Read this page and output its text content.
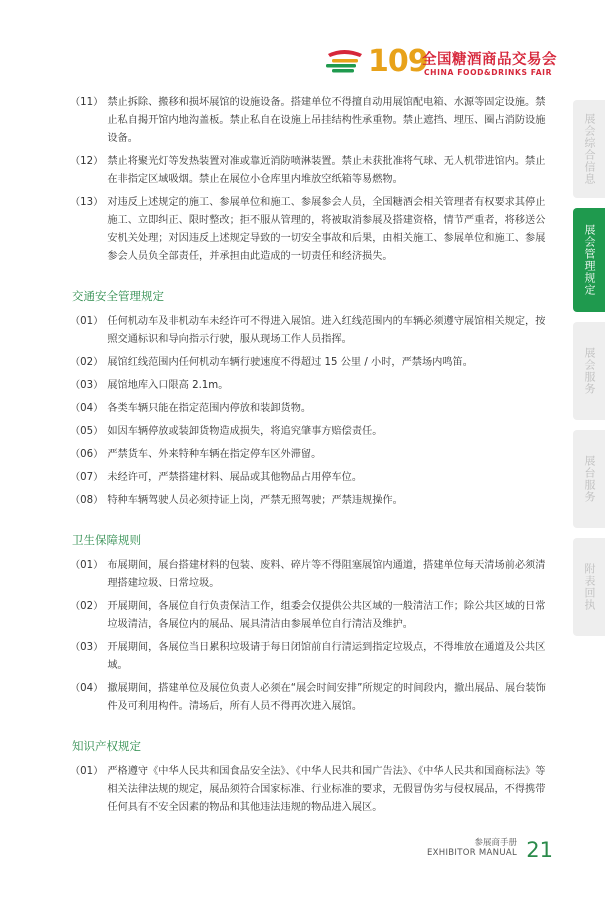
109
全国糖酒商品交易会
CHINA FOOD&DRINKS FAIR
（11） 禁止拆除、搬移和损坏展馆的设施设备。搭建单位不得擅自动用展馆配电箱、水源等固定设施。禁止私自揭开馆内地沟盖板。禁止私自在设施上吊挂结构性承重物。禁止遮挡、埋压、圈占消防设施设备。
（12） 禁止将聚光灯等发热装置对准或靠近消防喷淋装置。禁止未获批准将气球、无人机带进馆内。禁止在非指定区域吸烟。禁止在展位小仓库里内堆放空纸箱等易燃物。
（13） 对违反上述规定的施工、参展单位和施工、参展参会人员，全国糖酒会相关管理者有权要求其停止施工、立即纠正、限时整改；拒不服从管理的，将被取消参展及搭建资格，情节严重者，将移送公安机关处理；对因违反上述规定导致的一切安全事故和后果，由相关施工、参展单位和施工、参展参会人员负全部责任，并承担由此造成的一切责任和经济损失。
交通安全管理规定
（01） 任何机动车及非机动车未经许可不得进入展馆。进入红线范围内的车辆必须遵守展馆相关规定，按照交通标识和导向指示行驶，服从现场工作人员指挥。
（02） 展馆红线范围内任何机动车辆行驶速度不得超过 15 公里 / 小时，严禁场内鸣笛。
（03） 展馆地库入口限高 2.1m。
（04） 各类车辆只能在指定范围内停放和装卸货物。
（05） 如因车辆停放或装卸货物造成损失，将追究肇事方赔偿责任。
（06） 严禁货车、外来特种车辆在指定停车区外滞留。
（07） 未经许可，严禁搭建材料、展品或其他物品占用停车位。
（08） 特种车辆驾驶人员必须持证上岗，严禁无照驾驶；严禁违规操作。
卫生保障规则
（01） 布展期间，展台搭建材料的包装、废料、碎片等不得阻塞展馆内通道，搭建单位每天清场前必须清理搭建垃圾、日常垃圾。
（02） 开展期间，各展位自行负责保洁工作，组委会仅提供公共区域的一般清洁工作；除公共区域的日常垃圾清洁，各展位内的展品、展具清洁由参展单位自行清洁及维护。
（03） 开展期间，各展位当日累积垃圾请于每日闭馆前自行清运到指定垃圾点，不得堆放在通道及公共区域。
（04） 撤展期间，搭建单位及展位负责人必须在“展会时间安排”所规定的时间段内，撤出展品、展台装饰件及可利用构件。清场后，所有人员不得再次进入展馆。
知识产权规定
（01） 严格遵守《中华人民共和国食品安全法》、《中华人民共和国广告法》、《中华人民共和国商标法》等相关法律法规的规定，展品须符合国家标准、行业标准的要求，无假冒伪劣与侵权展品，不得携带任何具有不安全因素的物品和其他违法违规的物品进入展区。
展会综合信息
展会管理规定
展会服务
展台服务
附表回执
参展商手册
EXHIBITOR MANUAL 21
